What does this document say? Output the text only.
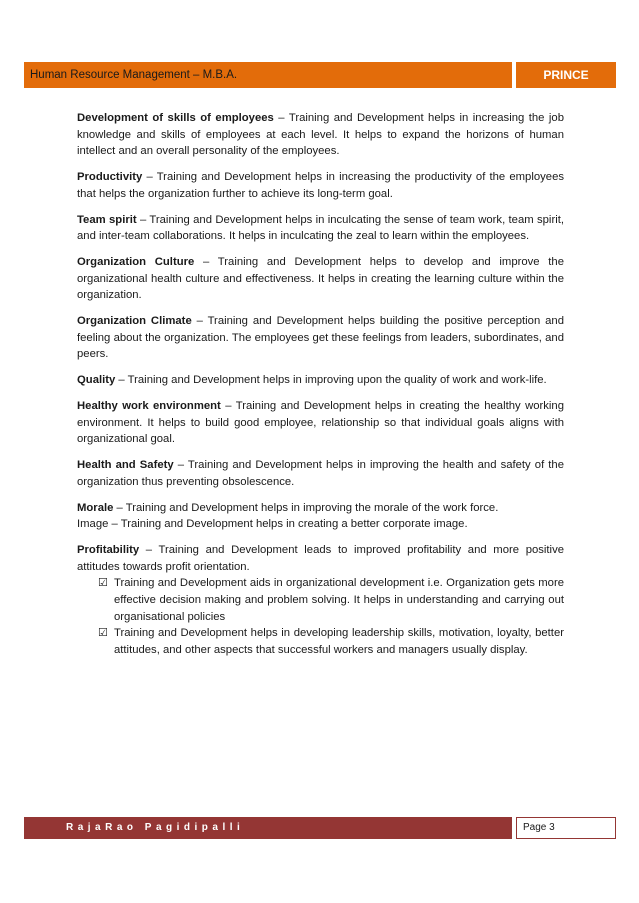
Human Resource Management – M.B.A.	PRINCE

Development of skills of employees – Training and Development helps in increasing the job knowledge and skills of employees at each level. It helps to expand the horizons of human intellect and an overall personality of the employees.

Productivity – Training and Development helps in increasing the productivity of the employees that helps the organization further to achieve its long-term goal.

Team spirit – Training and Development helps in inculcating the sense of team work, team spirit, and inter-team collaborations. It helps in inculcating the zeal to learn within the employees.

Organization Culture – Training and Development helps to develop and improve the organizational health culture and effectiveness. It helps in creating the learning culture within the organization.

Organization Climate – Training and Development helps building the positive perception and feeling about the organization. The employees get these feelings from leaders, subordinates, and peers.

Quality – Training and Development helps in improving upon the quality of work and work-life.

Healthy work environment – Training and Development helps in creating the healthy working environment. It helps to build good employee, relationship so that individual goals aligns with organizational goal.

Health and Safety – Training and Development helps in improving the health and safety of the organization thus preventing obsolescence.

Morale – Training and Development helps in improving the morale of the work force.

Image – Training and Development helps in creating a better corporate image.

Profitability – Training and Development leads to improved profitability and more positive attitudes towards profit orientation.

☑ Training and Development aids in organizational development i.e. Organization gets more effective decision making and problem solving. It helps in understanding and carrying out organisational policies
☑ Training and Development helps in developing leadership skills, motivation, loyalty, better attitudes, and other aspects that successful workers and managers usually display.
RajaRao Pagidipalli	Page 3
